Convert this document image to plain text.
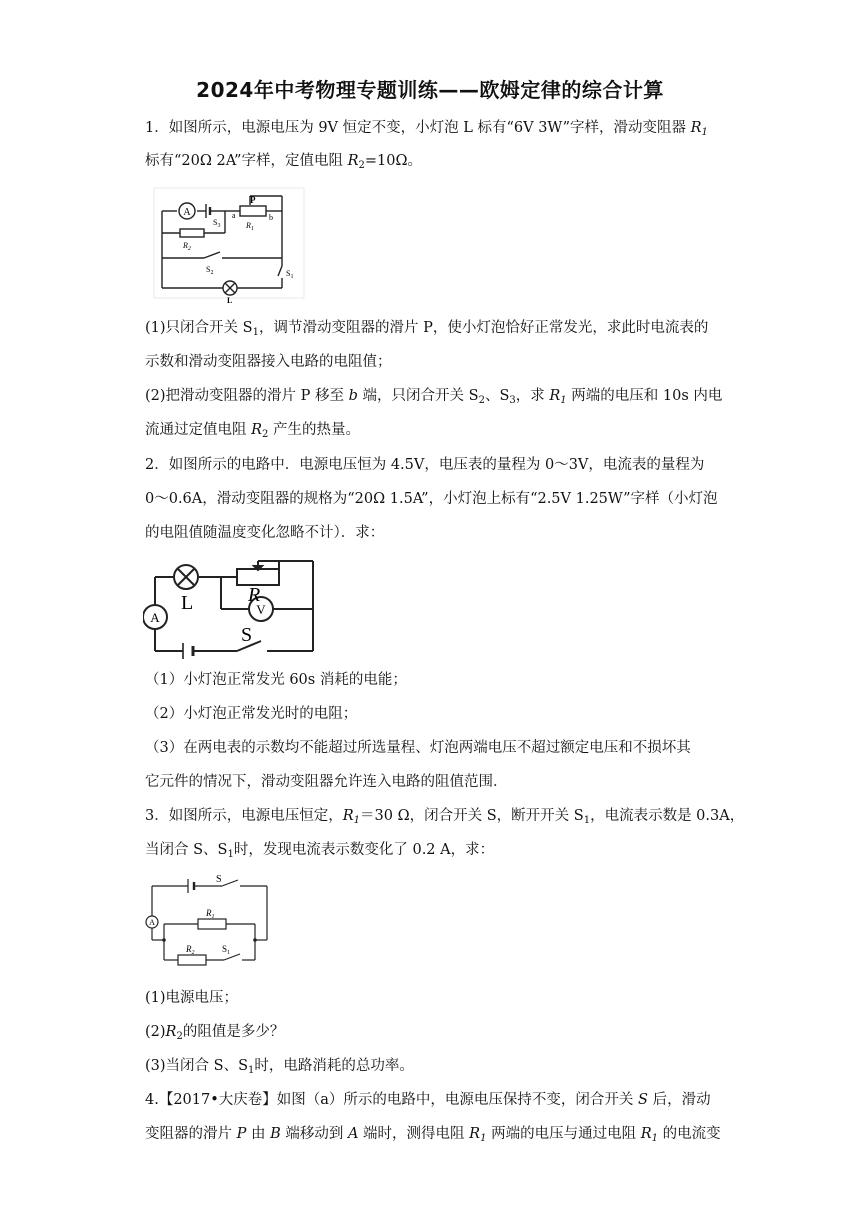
2024年中考物理专题训练——欧姆定律的综合计算
1．如图所示，电源电压为 9V 恒定不变，小灯泡 L 标有“6V 3W”字样，滑动变阻器 $R_1$
标有“20Ω 2A”字样，定值电阻 $R_2=10\Omega$。
A
P
a	b
$R_1$
$R_2$
$S_3$
$S_2$	$S_1$
L
(1)只闭合开关 $S_1$，调节滑动变阻器的滑片 P，使小灯泡恰好正常发光，求此时电流表的
示数和滑动变阻器接入电路的电阻值；
(2)把滑动变阻器的滑片 P 移至 b 端，只闭合开关 $S_2$、$S_3$，求 $R_1$ 两端的电压和 10s 内电
流通过定值电阻 $R_2$ 产生的热量。
2．如图所示的电路中．电源电压恒为 4.5V，电压表的量程为 0～3V，电流表的量程为
0～0.6A，滑动变阻器的规格为“20Ω 1.5A”，小灯泡上标有“2.5V 1.25W”字样（小灯泡
的电阻值随温度变化忽略不计）．求：
A
V
L	R
S
（1）小灯泡正常发光 60s 消耗的电能；
（2）小灯泡正常发光时的电阻；
（3）在两电表的示数均不能超过所选量程、灯泡两端电压不超过额定电压和不损坏其
它元件的情况下，滑动变阻器允许连入电路的阻值范围．
3．如图所示，电源电压恒定，$R_1=30$ Ω，闭合开关 S，断开开关 $S_1$，电流表示数是 0.3A，
当闭合 S、$S_1$时，发现电流表示数变化了 0.2 A，求：
A
S
$R_1$
$R_2$	$S_1$
(1)电源电压；
$(2)R_2$的阻值是多少？
(3)当闭合 S、$S_1$时，电路消耗的总功率。
4.【2017•大庆卷】如图（a）所示的电路中，电源电压保持不变，闭合开关 S 后，滑动
变阻器的滑片 P 由 B 端移动到 A 端时，测得电阻 $R_1$ 两端的电压与通过电阻 $R_1$ 的电流变
